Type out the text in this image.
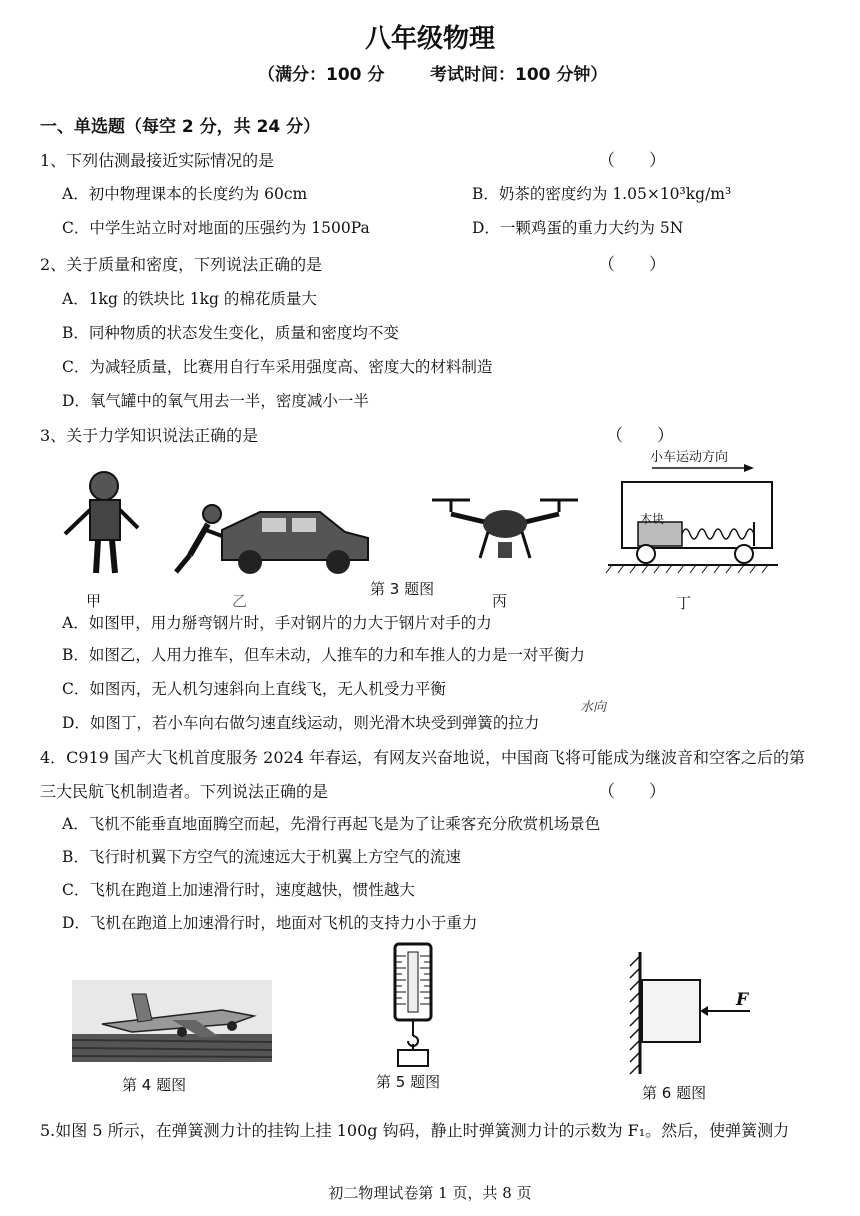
八年级物理
（满分：100 分	考试时间：100 分钟）
一、单选题（每空 2 分，共 24 分）
1、下列估测最接近实际情况的是	（　　）
A．初中物理课本的长度约为 60cm	B．奶茶的密度约为 1.05×10³kg/m³
C．中学生站立时对地面的压强约为 1500Pa	D．一颗鸡蛋的重力大约为 5N
2、关于质量和密度，下列说法正确的是	（　　）
A．1kg 的铁块比 1kg 的棉花质量大
B．同种物质的状态发生变化，质量和密度均不变
C．为减轻质量，比赛用自行车采用强度高、密度大的材料制造
D．氧气罐中的氧气用去一半，密度减小一半
3、关于力学知识说法正确的是	（　　）
甲	乙
第 3 题图
丙
小车运动方向
木块
丁
A．如图甲，用力掰弯钢片时，手对钢片的力大于钢片对手的力
B．如图乙，人用力推车，但车未动，人推车的力和车推人的力是一对平衡力
C．如图丙，无人机匀速斜向上直线飞，无人机受力平衡
D．如图丁，若小车向右做匀速直线运动，则光滑木块受到弹簧的拉力
水向
4．C919 国产大飞机首度服务 2024 年春运，有网友兴奋地说，中国商飞将可能成为继波音和空客之后的第
三大民航飞机制造者。下列说法正确的是	（　　）
A．飞机不能垂直地面腾空而起，先滑行再起飞是为了让乘客充分欣赏机场景色
B．飞行时机翼下方空气的流速远大于机翼上方空气的流速
C．飞机在跑道上加速滑行时，速度越快，惯性越大
D．飞机在跑道上加速滑行时，地面对飞机的支持力小于重力
第 4 题图	第 5 题图
F
第 6 题图
5.如图 5 所示，在弹簧测力计的挂钩上挂 100g 钩码，静止时弹簧测力计的示数为 F₁。然后，使弹簧测力
初二物理试卷第 1 页，共 8 页
